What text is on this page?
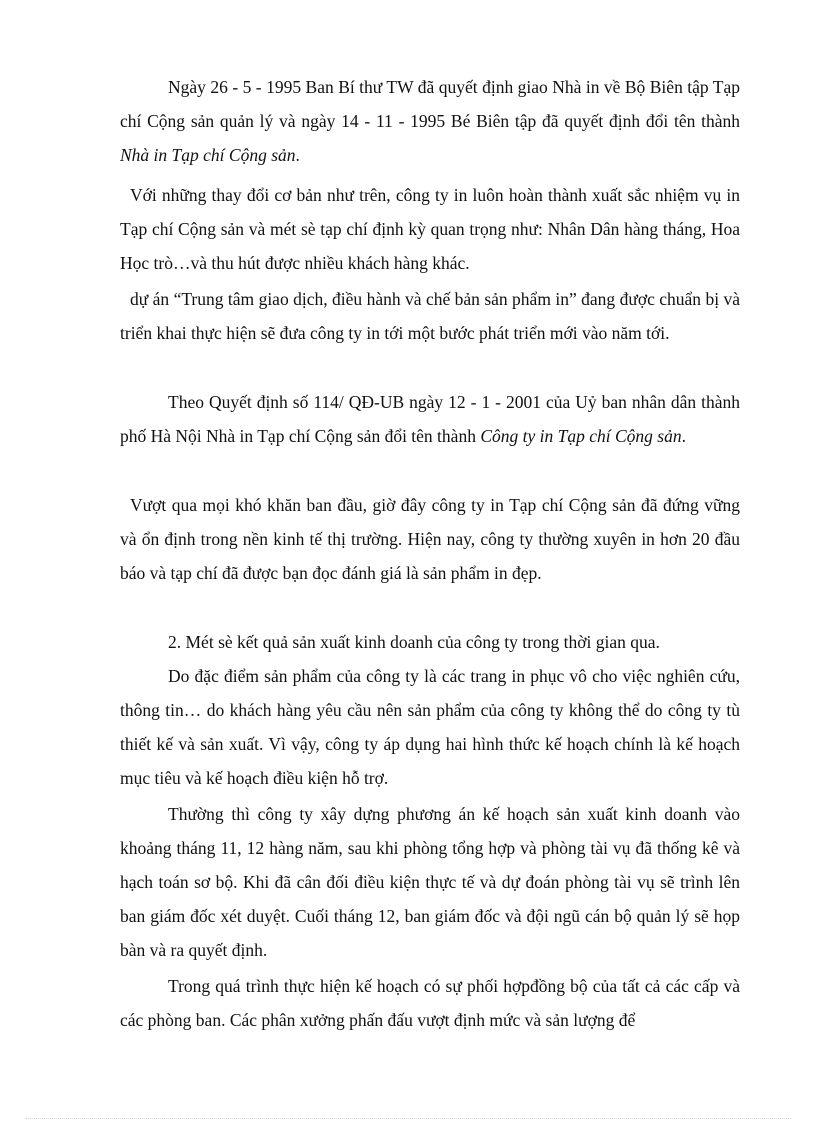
Ngày 26 - 5 - 1995 Ban Bí thư TW đã quyết định giao Nhà in về Bộ Biên tập Tạp chí Cộng sản quản lý và ngày 14 - 11 - 1995 Bé Biên tập đã quyết định đổi tên thành Nhà in Tạp chí Cộng sản.

Với những thay đổi cơ bản như trên, công ty in luôn hoàn thành xuất sắc nhiệm vụ in Tạp chí Cộng sản và mét sè tạp chí định kỳ quan trọng như: Nhân Dân hàng tháng, Hoa Học trò…và thu hút được nhiều khách hàng khác.

dự án “Trung tâm giao dịch, điều hành và chế bản sản phẩm in” đang được chuẩn bị và triển khai thực hiện sẽ đưa công ty in tới một bước phát triển mới vào năm tới.

Theo Quyết định số 114/ QĐ-UB ngày 12 - 1 - 2001 của Uỷ ban nhân dân thành phố Hà Nội Nhà in Tạp chí Cộng sản đổi tên thành Công ty in Tạp chí Cộng sản.

Vượt qua mọi khó khăn ban đầu, giờ đây công ty in Tạp chí Cộng sản đã đứng vững và ổn định trong nền kinh tế thị trường. Hiện nay, công ty thường xuyên in hơn 20 đầu báo và tạp chí đã được bạn đọc đánh giá là sản phẩm in đẹp.

2. Mét sè kết quả sản xuất kinh doanh của công ty trong thời gian qua.

Do đặc điểm sản phẩm của công ty là các trang in phục vô cho việc nghiên cứu, thông tin… do khách hàng yêu cầu nên sản phẩm của công ty không thể do công ty tù thiết kế và sản xuất. Vì vậy, công ty áp dụng hai hình thức kế hoạch chính là kế hoạch mục tiêu và kế hoạch điều kiện hỗ trợ.

Thường thì công ty xây dựng phương án kế hoạch sản xuất kinh doanh vào khoảng tháng 11, 12 hàng năm, sau khi phòng tổng hợp và phòng tài vụ đã thống kê và hạch toán sơ bộ. Khi đã cân đối điều kiện thực tế và dự đoán phòng tài vụ sẽ trình lên ban giám đốc xét duyệt. Cuối tháng 12, ban giám đốc và đội ngũ cán bộ quản lý sẽ họp bàn và ra quyết định.

Trong quá trình thực hiện kế hoạch có sự phối hợpđồng bộ của tất cả các cấp và các phòng ban. Các phân xưởng phấn đấu vượt định mức và sản lượng để
